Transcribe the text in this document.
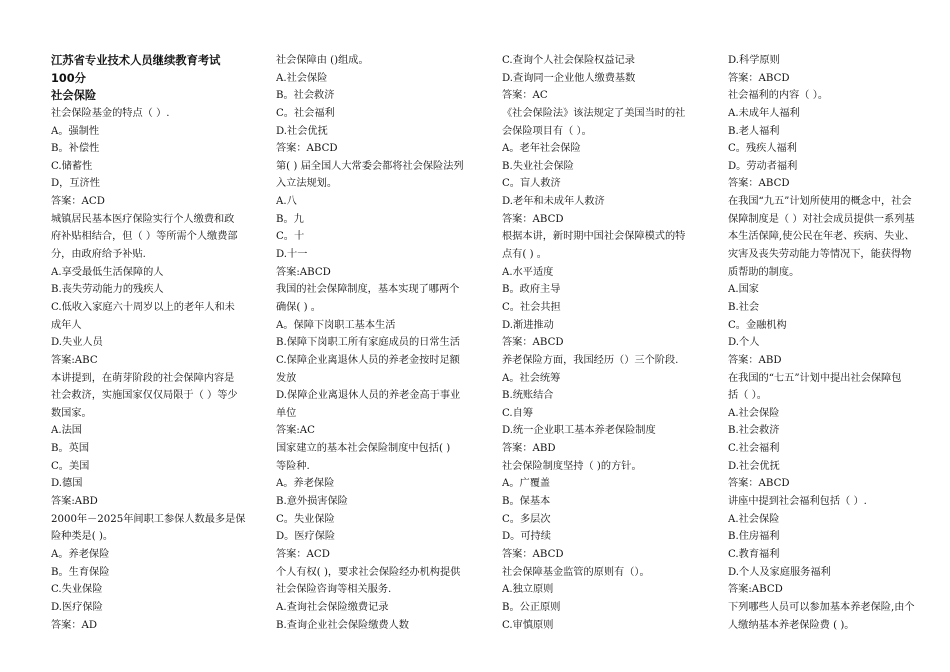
江苏省专业技术人员继续教育考试
100分
社会保险
社会保险基金的特点（ ）.
A。强制性
B。补偿性
C.储蓄性
D，互济性
答案：ACD
城镇居民基本医疗保险实行个人缴费和政
府补贴相结合，但（ ）等所需个人缴费部
分，由政府给予补贴.
A.享受最低生活保障的人
B.丧失劳动能力的残疾人
C.低收入家庭六十周岁以上的老年人和未
成年人
D.失业人员
答案:ABC
本讲提到，在萌芽阶段的社会保障内容是
社会救济，实施国家仅仅局限于（ ）等少
数国家。
A.法国
B。英国
C。美国
D.德国
答案:ABD
2000年－2025年间职工参保人数最多是保
险种类是( )。
A。养老保险
B。生育保险
C.失业保险
D.医疗保险
答案：AD
社会保障由 ()组成。
A.社会保险
B。社会救济
C。社会福利
D.社会优抚
答案：ABCD
第( ) 届全国人大常委会都将社会保险法列
入立法规划。
A.八
B。九
C。十
D.十一
答案:ABCD
我国的社会保障制度，基本实现了哪两个
确保( ) 。
A。保障下岗职工基本生活
B.保障下岗职工所有家庭成员的日常生活
C.保障企业离退休人员的养老金按时足额
发放
D.保障企业离退休人员的养老金高于事业
单位
答案:AC
国家建立的基本社会保险制度中包括( )
等险种.
A。养老保险
B.意外损害保险
C。失业保险
D。医疗保险
答案：ACD
个人有权( )，要求社会保险经办机构提供
社会保险咨询等相关服务.
A.查询社会保险缴费记录
B.查询企业社会保险缴费人数
C.查询个人社会保险权益记录
D.查询同一企业他人缴费基数
答案：AC
《社会保险法》该法规定了美国当时的社
会保险项目有（ ）。
A。老年社会保险
B.失业社会保险
C。盲人救济
D.老年和未成年人救济
答案：ABCD
根据本讲，新时期中国社会保障模式的特
点有( ) 。
A.水平适度
B。政府主导
C。社会共担
D.渐进推动
答案：ABCD
养老保险方面，我国经历（）三个阶段.
A。社会统筹
B.统账结合
C.自筹
D.统一企业职工基本养老保险制度
答案：ABD
社会保险制度坚持（ )的方针。
A。广覆盖
B。保基本
C。多层次
D。可持续
答案：ABCD
社会保障基金监管的原则有（）。
A.独立原则
B。公正原则
C.审慎原则
D.科学原则
答案：ABCD
社会福利的内容（ ）。
A.未成年人福利
B.老人福利
C。残疾人福利
D。劳动者福利
答案：ABCD
在我国“九五”计划所使用的概念中，社会
保障制度是（ ）对社会成员提供一系列基
本生活保障,使公民在年老、疾病、失业、
灾害及丧失劳动能力等情况下，能获得物
质帮助的制度。
A.国家
B.社会
C。金融机构
D.个人
答案：ABD
在我国的“七五”计划中提出社会保障包
括（ ）。
A.社会保险
B.社会救济
C.社会福利
D.社会优抚
答案：ABCD
讲座中提到社会福利包括（ ）.
A.社会保险
B.住房福利
C.教育福利
D.个人及家庭服务福利
答案:ABCD
下列哪些人员可以参加基本养老保险,由个
人缴纳基本养老保险费 ( )。
